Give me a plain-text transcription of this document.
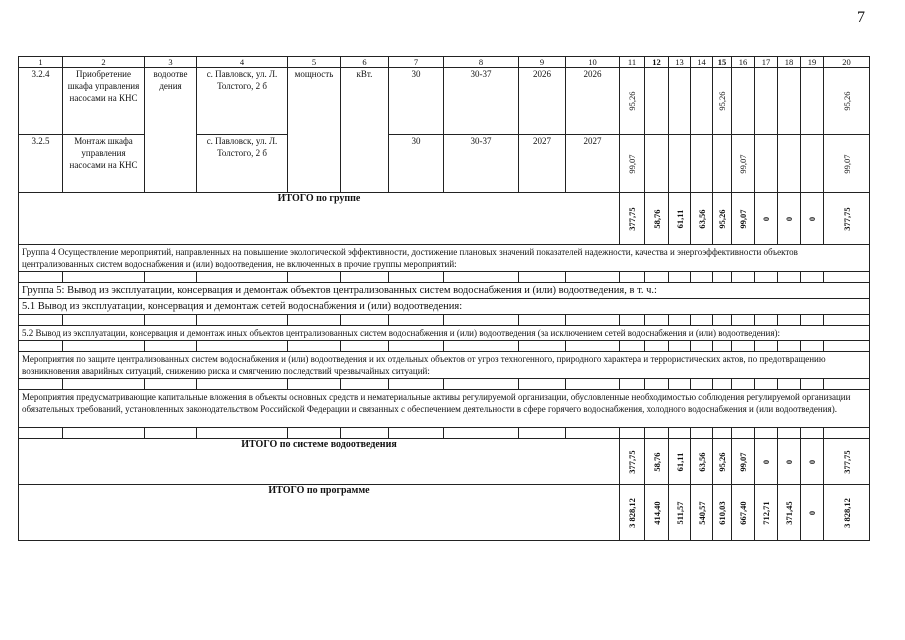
7
1	2	3	4	5	6	7	8	9	10	11	12	13	14	15	16	17	18	19	20
3.2.4	Приобретение шкафа управления насосами на КНС	водоотве дения	с. Павловск, ул. Л. Толстого, 2 б	мощность	кВт.	30	30-37	2026	2026	95,26				95,26					95,26

3.2.5	Монтаж шкафа управления насосами на КНС		с. Павловск, ул. Л. Толстого, 2 б			30	30-37	2027	2027	99,07					99,07				99,07

ИТОГО по группе										377,75	58,76	61,11	63,56	95,26	99,07	0	0	0	377,75

Группа 4 Осуществление мероприятий, направленных на повышение экологической эффективности, достижение плановых значений показателей надежности, качества и энергоэффективности объектов централизованных систем водоснабжения и (или) водоотведения, не включенных в прочие группы мероприятий:																			

Группа 5: Вывод из эксплуатации, консервация и демонтаж объектов централизованных систем водоснабжения и (или) водоотведения, в т. ч.:																			
5.1 Вывод из эксплуатации, консервация и демонтаж сетей водоснабжения и (или) водоотведения:																			

5.2 Вывод из эксплуатации, консервация и демонтаж иных объектов централизованных систем водоснабжения и (или) водоотведения (за исключением сетей водоснабжения и (или) водоотведения):																			

Мероприятия по защите централизованных систем водоснабжения и (или) водоотведения и их отдельных объектов от угроз техногенного, природного характера и террористических актов, по предотвращению возникновения аварийных ситуаций, снижению риска и смягчению последствий чрезвычайных ситуаций:																			

Мероприятия предусматривающие капитальные вложения в объекты основных средств и нематериальные активы регулируемой организации, обусловленные необходимостью соблюдения регулируемой организации обязательных требований, установленных законодательством Российской Федерации и связанных с обеспечением деятельности в сфере горячего водоснабжения, холодного водоснабжения и (или водоотведения).																			

ИТОГО по системе водоотведения										377,75	58,76	61,11	63,56	95,26	99,07	0	0	0	377,75

ИТОГО по программе										3 828,12	414,40	511,57	540,57	610,03	667,40	712,71	371,45	0	3 828,12
